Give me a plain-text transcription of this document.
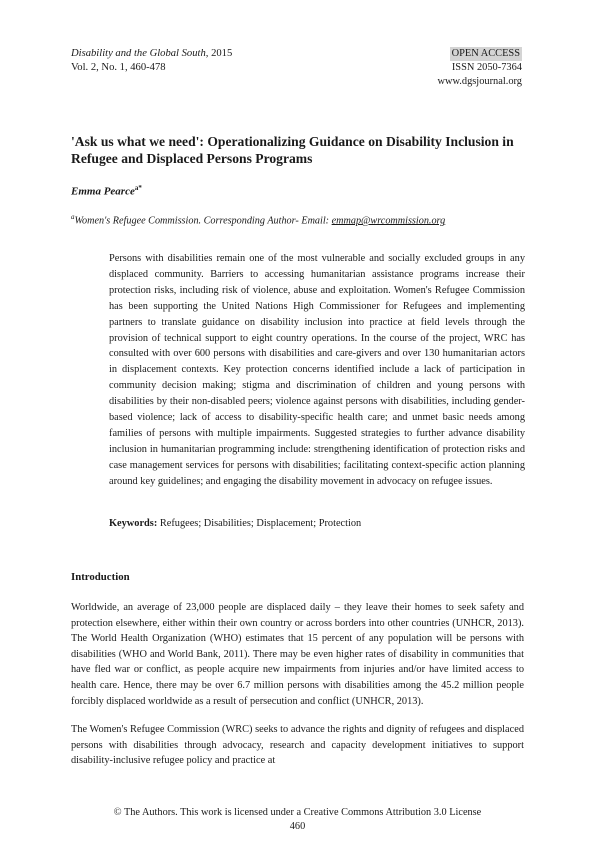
Disability and the Global South, 2015
Vol. 2, No. 1, 460-478
OPEN ACCESS
ISSN 2050-7364
www.dgsjournal.org
'Ask us what we need': Operationalizing Guidance on Disability Inclusion in Refugee and Displaced Persons Programs
Emma Pearce$^{a*}$
$^a$Women's Refugee Commission. Corresponding Author- Email: emmap@wrcommission.org

Persons with disabilities remain one of the most vulnerable and socially excluded groups in any displaced community. Barriers to accessing humanitarian assistance programs increase their protection risks, including risk of violence, abuse and exploitation. Women's Refugee Commission has been supporting the United Nations High Commissioner for Refugees and implementing partners to translate guidance on disability inclusion into practice at field levels through the provision of technical support to eight country operations. In the course of the project, WRC has consulted with over 600 persons with disabilities and care-givers and over 130 humanitarian actors in displacement contexts. Key protection concerns identified include a lack of participation in community decision making; stigma and discrimination of children and young persons with disabilities by their non-disabled peers; violence against persons with disabilities, including gender-based violence; lack of access to disability-specific health care; and unmet basic needs among families of persons with multiple impairments. Suggested strategies to further advance disability inclusion in humanitarian programming include: strengthening identification of protection risks and case management services for persons with disabilities; facilitating context-specific action planning around key guidelines; and engaging the disability movement in advocacy on refugee issues.

Keywords: Refugees; Disabilities; Displacement; Protection

Introduction

Worldwide, an average of 23,000 people are displaced daily – they leave their homes to seek safety and protection elsewhere, either within their own country or across borders into other countries (UNHCR, 2013). The World Health Organization (WHO) estimates that 15 percent of any population will be persons with disabilities (WHO and World Bank, 2011). There may be even higher rates of disability in communities that have fled war or conflict, as people acquire new impairments from injuries and/or have limited access to health care. Hence, there may be over 6.7 million persons with disabilities among the 45.2 million people forcibly displaced worldwide as a result of persecution and conflict (UNHCR, 2013).

The Women's Refugee Commission (WRC) seeks to advance the rights and dignity of refugees and displaced persons with disabilities through advocacy, research and capacity development initiatives to support disability-inclusive refugee policy and practice at

© The Authors. This work is licensed under a Creative Commons Attribution 3.0 License
460
